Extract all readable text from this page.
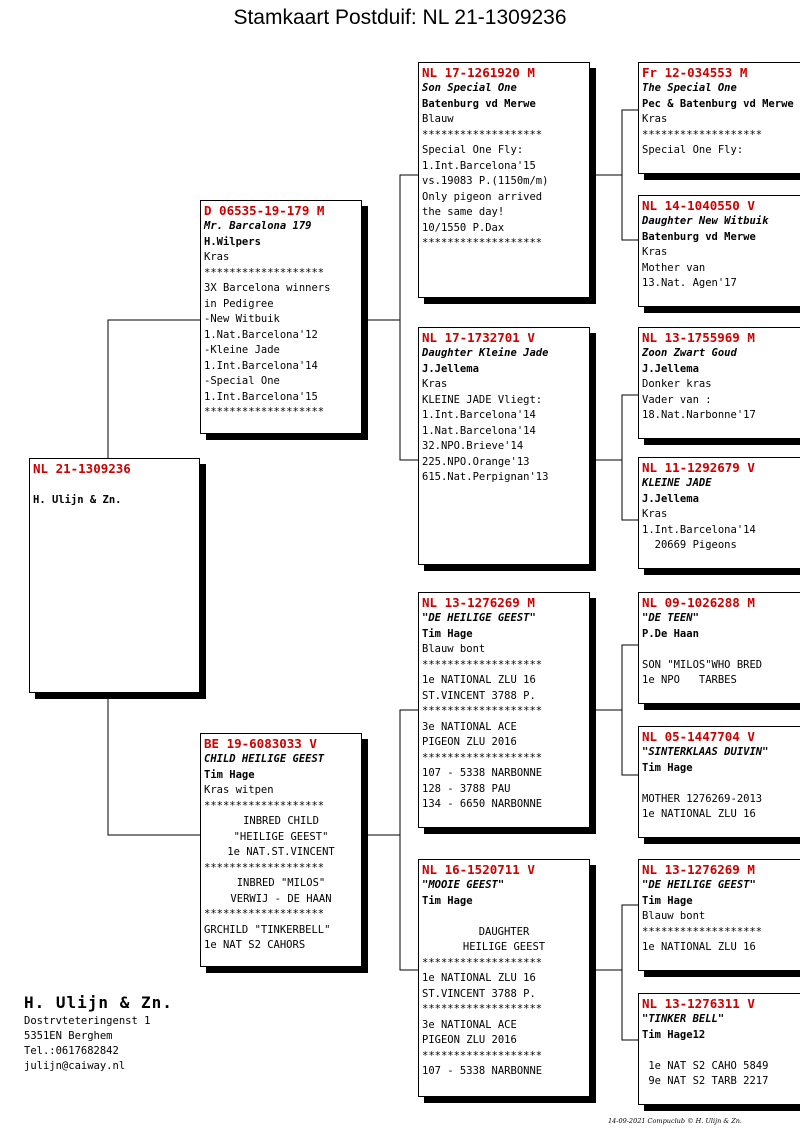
Stamkaart Postduif: NL 21-1309236
NL 21-1309236
H. Ulijn & Zn.
D 06535-19-179 M
Mr. Barcalona 179
H.Wilpers
Kras
*******************
3X Barcelona winners
in Pedigree
-New Witbuik
1.Nat.Barcelona'12
-Kleine Jade
1.Int.Barcelona'14
-Special One
1.Int.Barcelona'15
*******************
BE 19-6083033 V
CHILD HEILIGE GEEST
Tim Hage
Kras witpen
*******************
INBRED CHILD
"HEILIGE GEEST"
1e NAT.ST.VINCENT
*******************
INBRED "MILOS"
VERWIJ - DE HAAN
*******************
GRCHILD "TINKERBELL"
1e NAT S2 CAHORS
NL 17-1261920 M
Son Special One
Batenburg vd Merwe
Blauw
*******************
Special One Fly:
1.Int.Barcelona'15
vs.19083 P.(1150m/m)
Only pigeon arrived
the same day!
10/1550 P.Dax
*******************
NL 17-1732701 V
Daughter Kleine Jade
J.Jellema
Kras
KLEINE JADE Vliegt:
1.Int.Barcelona'14
1.Nat.Barcelona'14
32.NPO.Brieve'14
225.NPO.Orange'13
615.Nat.Perpignan'13
NL 13-1276269 M
"DE HEILIGE GEEST"
Tim Hage
Blauw bont
*******************
1e NATIONAL ZLU 16
ST.VINCENT 3788 P.
*******************
3e NATIONAL ACE
PIGEON ZLU 2016
*******************
107 - 5338 NARBONNE
128 - 3788 PAU
134 - 6650 NARBONNE
NL 16-1520711 V
"MOOIE GEEST"
Tim Hage
DAUGHTER
HEILIGE GEEST
*******************
1e NATIONAL ZLU 16
ST.VINCENT 3788 P.
*******************
3e NATIONAL ACE
PIGEON ZLU 2016
*******************
107 - 5338 NARBONNE
Fr 12-034553 M
The Special One
Pec & Batenburg vd Merwe
Kras
*******************
Special One Fly:
NL 14-1040550 V
Daughter New Witbuik
Batenburg vd Merwe
Kras
Mother van
13.Nat. Agen'17
NL 13-1755969 M
Zoon Zwart Goud
J.Jellema
Donker kras
Vader van :
18.Nat.Narbonne'17
NL 11-1292679 V
KLEINE JADE
J.Jellema
Kras
1.Int.Barcelona'14
20669 Pigeons
NL 09-1026288 M
"DE TEEN"
P.De Haan
SON "MILOS"WHO BRED
1e NPO   TARBES
NL 05-1447704 V
"SINTERKLAAS DUIVIN"
Tim Hage
MOTHER 1276269-2013
1e NATIONAL ZLU 16
NL 13-1276269 M
"DE HEILIGE GEEST"
Tim Hage
Blauw bont
*******************
1e NATIONAL ZLU 16
NL 13-1276311 V
"TINKER BELL"
Tim Hage12
1e NAT S2 CAHO 5849
9e NAT S2 TARB 2217
H. Ulijn & Zn.
Dostrvteteringenst 1
5351EN Berghem
Tel.:0617682842
julijn@caiway.nl
14-09-2021 Compuclub © H. Ulijn & Zn.
